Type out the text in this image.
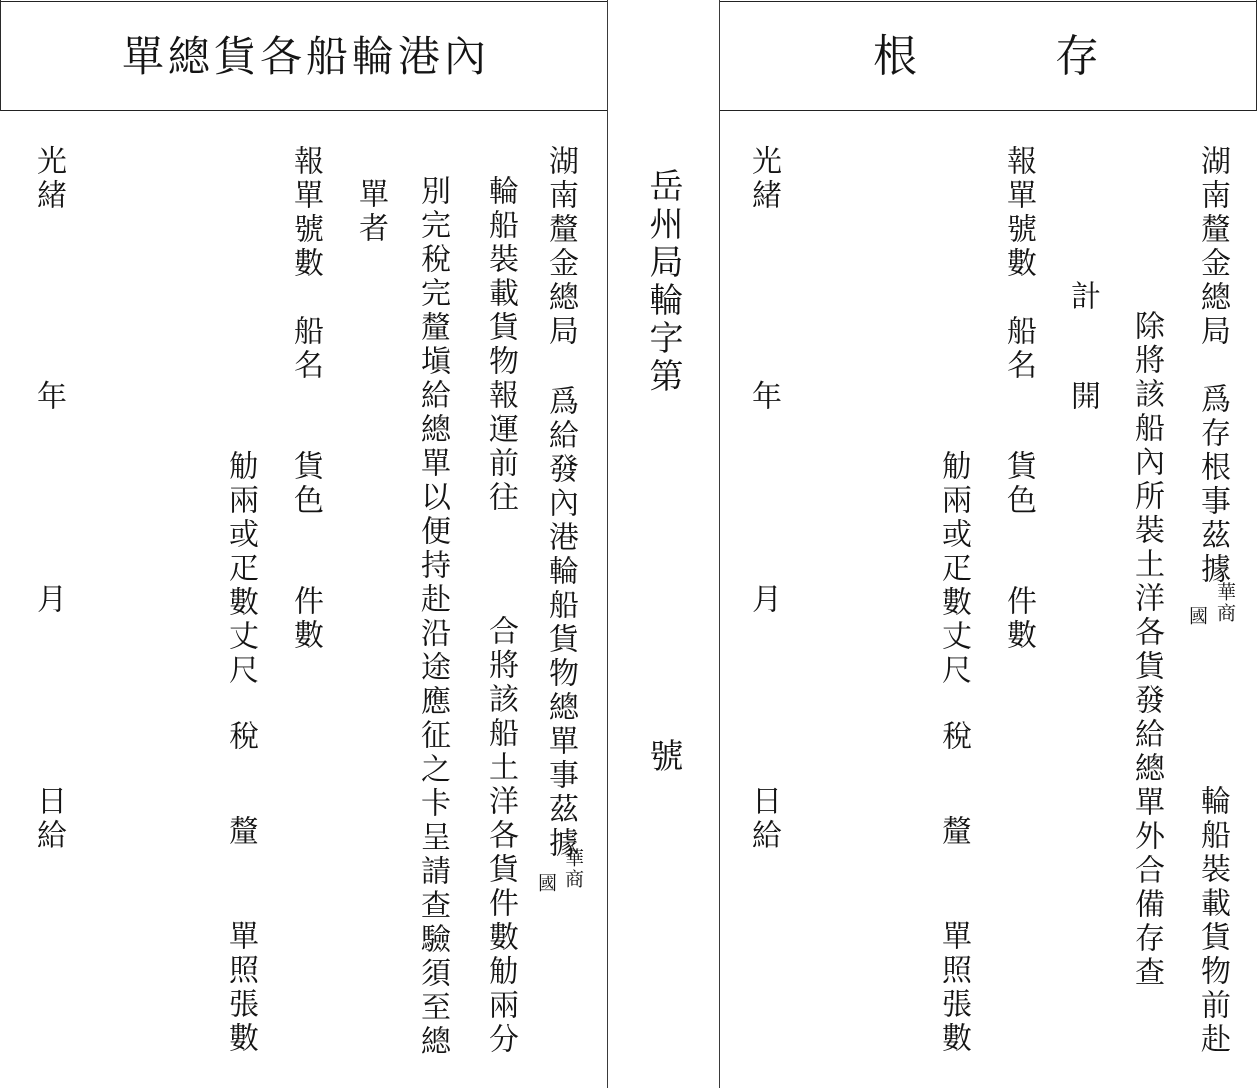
單總貨各船輪港內
湖南釐金總局
爲給發內港輪船貨物總單事茲據
華商
國
輪船裝載貨物報運前往
合將該船土洋各貨件數觔兩分
別完稅完釐塡給總單以便持赴沿途應征之卡呈請查驗須至總
單者
報單號數
船名
貨色
件數
觔兩或疋數丈尺
稅
釐
單照張數
光緒
年
月
日給
岳州局輪字第
號
根存
湖南釐金總局
爲存根事茲據
華商
國
輪船裝載貨物前赴
除將該船內所裝土洋各貨發給總單外合備存查
計
開
報單號數
船名
貨色
件數
觔兩或疋數丈尺
稅
釐
單照張數
光緒
年
月
日給
